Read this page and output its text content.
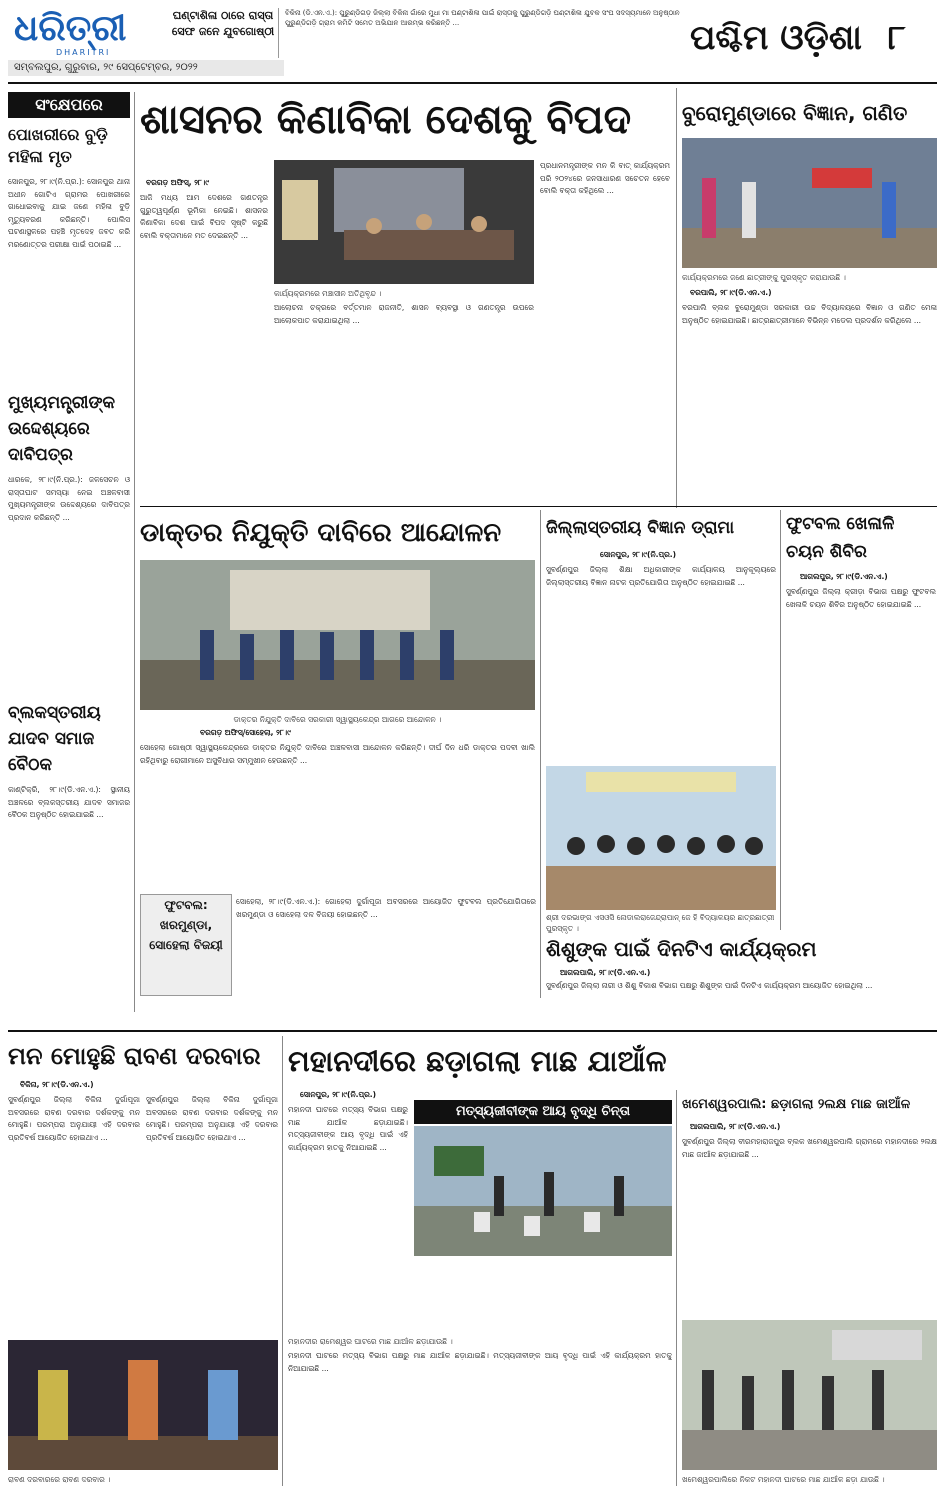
ଧରିତ୍ରୀ
DHARITRI
ଘଣ୍ଟାଶିଳା ଠାରେ ରାସ୍ତା ସେଫ ଜନେ ଯୁବଗୋଷ୍ଠୀ
ସମ୍ବଲପୁର, ଗୁରୁବାର, ୨୯ ସେପ୍ଟେମ୍ବର, ୨୦୨୨
ବିକିନା (ଡି.ଏନ.ଏ.): ପୁରୁଣ୍ଡିଗଡ଼ ଜିଲ୍ଲା ବିକିନା ଗାଁରେ ମୁଧା ମା ଘଣ୍ଟାଶିଳା ପାଇଁ ରାସ୍ତାକୁ ପୁରୁଣ୍ଡିଗଡ଼ି ଘଣ୍ଟାଶିଳା ଯୁବକ ସଂଘ ସଦସ୍ୟମାନେ ଅନୁଷ୍ଠାନ ପୁରୁଣ୍ଡିଗଡ଼ି ଗ୍ରାମ କମିଟି ସମେତ ଅଭିଯାନ ଆରମ୍ଭ କରିଛନ୍ତି ...	ପଶ୍ଚିମ ଓଡ଼ିଶା ୮
ସଂକ୍ଷେପରେ
ପୋଖରୀରେ ବୁଡ଼ି ମହିଳା ମୃତ
ସୋନପୁର, ୨୮।୯(ନି.ପ୍ର.): ସୋନପୁର ଥାନା ଅଧୀନ ଗୋଟିଏ ଗ୍ରାମର ପୋଖରୀରେ ଗାଧୋଇବାକୁ ଯାଇ ଜଣେ ମହିଳା ବୁଡ଼ି ମୃତ୍ୟୁବରଣ କରିଛନ୍ତି। ପୋଲିସ ଘଟଣାସ୍ଥଳରେ ପହଞ୍ଚି ମୃତଦେହ ଜବତ କରି ମରଣୋତ୍ତର ପରୀକ୍ଷା ପାଇଁ ପଠାଇଛି ...
ମୁଖ୍ୟମନ୍ତ୍ରୀଙ୍କ ଉଦ୍ଦେଶ୍ୟରେ ଦାବିପତ୍ର
ଧାରକେ, ୨୮।୯(ନି.ପ୍ର.): ଜଳସେଚନ ଓ ରାସ୍ତାଘାଟ ସମସ୍ୟା ନେଇ ଅଞ୍ଚଳବାସୀ ମୁଖ୍ୟମନ୍ତ୍ରୀଙ୍କ ଉଦ୍ଦେଶ୍ୟରେ ଦାବିପତ୍ର ପ୍ରଦାନ କରିଛନ୍ତି ...
ବ୍ଲକସ୍ତରୀୟ ଯାଦବ ସମାଜ ବୈଠକ
କାଣ୍ଟିକ୍ରି, ୨୮।୯(ଡି.ଏନ.ଏ.): ସ୍ଥାନୀୟ ଅଞ୍ଚଳରେ ବ୍ଲକସ୍ତରୀୟ ଯାଦବ ସମାଜର ବୈଠକ ଅନୁଷ୍ଠିତ ହୋଇଯାଇଛି ...
ଶାସନର କିଣାବିକା ଦେଶକୁ ବିପଦ
ବରଗଡ଼ ଅଫିସ୍, ୨୮।୯
ଆଜି ମଧ୍ୟ ଆମ ଦେଶରେ ଗଣତନ୍ତ୍ର ଗୁରୁତ୍ୱପୂର୍ଣ୍ଣ ଭୂମିକା ନେଇଛି। ଶାସନର କିଣାବିକା ଦେଶ ପାଇଁ ବିପଦ ସୃଷ୍ଟି କରୁଛି ବୋଲି ବକ୍ତାମାନେ ମତ ଦେଇଛନ୍ତି ...
କାର୍ଯ୍ୟକ୍ରମରେ ମଞ୍ଚାସୀନ ଅତିଥିବୃନ୍ଦ ।
ଆଲୋଚନା ଚକ୍ରରେ ବର୍ତ୍ତମାନ ରାଜନୀତି, ଶାସନ ବ୍ୟବସ୍ଥା ଓ ଗଣତନ୍ତ୍ର ଉପରେ ଆଲୋକପାତ କରାଯାଇଥିଲା ...
ପ୍ରଧାନମନ୍ତ୍ରୀଙ୍କ ମନ କି ବାତ୍ କାର୍ଯ୍ୟକ୍ରମ ପରି ୨୦୨୪ରେ ଜନସାଧାରଣ ସଚେତନ ହେବେ ବୋଲି ବକ୍ତା କହିଥିଲେ ...
ବୁରୋମୁଣ୍ଡାରେ ବିଜ୍ଞାନ, ଗଣିତ
କାର୍ଯ୍ୟକ୍ରମରେ ଜଣେ ଛାତ୍ରୀଙ୍କୁ ପୁରସ୍କୃତ କରାଯାଉଛି ।
ବରପାଲି, ୨୮।୯(ଡି.ଏନ.ଏ.)
ବରପାଲି ବ୍ଲକ ବୁରୋମୁଣ୍ଡା ସରକାରୀ ଉଚ୍ଚ ବିଦ୍ୟାଳୟରେ ବିଜ୍ଞାନ ଓ ଗଣିତ ମେଳା ଅନୁଷ୍ଠିତ ହୋଇଯାଇଛି। ଛାତ୍ରଛାତ୍ରୀମାନେ ବିଭିନ୍ନ ମଡେଲ ପ୍ରଦର୍ଶନ କରିଥିଲେ ...
ଡାକ୍ତର ନିଯୁକ୍ତି ଦାବିରେ ଆନ୍ଦୋଳନ
ଡାକ୍ତର ନିଯୁକ୍ତି ଦାବିରେ ସରକାରୀ ସ୍ୱାସ୍ଥ୍ୟକେନ୍ଦ୍ର ଆଗରେ ଆନ୍ଦୋଳନ ।
ବରଗଡ଼ ଅଫିସ୍/ସୋହେଲା, ୨୮।୯
ସୋହେଲା ଗୋଷ୍ଠୀ ସ୍ୱାସ୍ଥ୍ୟକେନ୍ଦ୍ରରେ ଡାକ୍ତର ନିଯୁକ୍ତି ଦାବିରେ ଅଞ୍ଚଳବାସୀ ଆନ୍ଦୋଳନ କରିଛନ୍ତି। ଦୀର୍ଘ ଦିନ ଧରି ଡାକ୍ତର ପଦବୀ ଖାଲି ରହିଥିବାରୁ ରୋଗୀମାନେ ଅସୁବିଧାର ସମ୍ମୁଖୀନ ହେଉଛନ୍ତି ...
ଫୁଟବଲ: ଖରମୁଣ୍ଡା, ସୋହେଲା ବିଜୟୀ
ସୋହେଲା, ୨୮।୯(ଡି.ଏନ.ଏ.): ଗୋହେଲା ଦୁର୍ଗାପୂଜା ଅବସରରେ ଆୟୋଜିତ ଫୁଟବଲ ପ୍ରତିଯୋଗିତାରେ ଖରମୁଣ୍ଡା ଓ ସୋହେଲା ଦଳ ବିଜୟୀ ହୋଇଛନ୍ତି ...
ଜିଲ୍ଲାସ୍ତରୀୟ ବିଜ୍ଞାନ ଡ୍ରାମା
ସୋନପୁର, ୨୮।୯(ନି.ପ୍ର.)
ସୁବର୍ଣ୍ଣପୁର ଜିଲ୍ଲା ଶିକ୍ଷା ଅଧିକାରୀଙ୍କ କାର୍ଯ୍ୟାଳୟ ଆନୁକୂଲ୍ୟରେ ଜିଲ୍ଲାସ୍ତରୀୟ ବିଜ୍ଞାନ ନାଟକ ପ୍ରତିଯୋଗିତା ଅନୁଷ୍ଠିତ ହୋଇଯାଇଛି ...
ଶ୍ରୀ ଦରଭାଙ୍ଗ ଏସଓସି ନୋଡାଲରାଜେନ୍ଦ୍ରାପାନ୍ ଜେ ହି ବିଦ୍ୟାଳୟର ଛାତ୍ରଛାତ୍ରୀ ପୁରସ୍କୃତ ।
ଫୁଟବଲ ଖେଳାଳି ଚୟନ ଶିବିର
ଆଗଲପୁର, ୨୮।୯(ଡି.ଏନ.ଏ.)
ସୁବର୍ଣ୍ଣପୁର ଜିଲ୍ଲା କ୍ରୀଡ଼ା ବିଭାଗ ପକ୍ଷରୁ ଫୁଟବଲ ଖେଳାଳି ଚୟନ ଶିବିର ଅନୁଷ୍ଠିତ ହୋଇଯାଇଛି ...
ଶିଶୁଙ୍କ ପାଇଁ ଦିନଟିଏ କାର୍ଯ୍ୟକ୍ରମ
ଆଗଲପାଲି, ୨୮।୯(ଡି.ଏନ.ଏ.)
ସୁବର୍ଣ୍ଣପୁର ଜିଲ୍ଲା ନାରୀ ଓ ଶିଶୁ ବିକାଶ ବିଭାଗ ପକ୍ଷରୁ ଶିଶୁଙ୍କ ପାଇଁ ଦିନଟିଏ କାର୍ଯ୍ୟକ୍ରମ ଆୟୋଜିତ ହୋଇଥିଲା ...
ମନ ମୋହୁଛି ରାବଣ ଦରବାର
ବିକିନା, ୨୮।୯(ଡି.ଏନ.ଏ.)
ସୁବର୍ଣ୍ଣପୁର ଜିଲ୍ଲା ବିକିନା ଦୁର୍ଗାପୂଜା ଅବସରରେ ରାବଣ ଦରବାର ଦର୍ଶକଙ୍କୁ ମନ ମୋହୁଛି। ପରମ୍ପରା ଅନୁଯାୟୀ ଏହି ଦରବାର ପ୍ରତିବର୍ଷ ଆୟୋଜିତ ହୋଇଥାଏ ...
ସୁବର୍ଣ୍ଣପୁର ଜିଲ୍ଲା ବିକିନା ଦୁର୍ଗାପୂଜା ଅବସରରେ ରାବଣ ଦରବାର ଦର୍ଶକଙ୍କୁ ମନ ମୋହୁଛି। ପରମ୍ପରା ଅନୁଯାୟୀ ଏହି ଦରବାର ପ୍ରତିବର୍ଷ ଆୟୋଜିତ ହୋଇଥାଏ ...
ରାବଣ ଦରବାରରେ ରାବଣ ଦରବାର ।
ମହାନଦୀରେ ଛଡ଼ାଗଲା ମାଛ ଯାଆଁଳ
ସୋନପୁର, ୨୮।୯(ନି.ପ୍ର.)
ମହାନଦୀ ଘାଟରେ ମତ୍ସ୍ୟ ବିଭାଗ ପକ୍ଷରୁ ମାଛ ଯାଆଁଳ ଛଡ଼ାଯାଇଛି। ମତ୍ସ୍ୟଜୀବୀଙ୍କ ଆୟ ବୃଦ୍ଧି ପାଇଁ ଏହି କାର୍ଯ୍ୟକ୍ରମ ହାତକୁ ନିଆଯାଇଛି ...
ମତ୍ସ୍ୟଜୀବୀଙ୍କ ଆୟ ବୃଦ୍ଧି ଚିନ୍ତା
ମହାନଦୀର ରାମେଶ୍ୱର ଘାଟରେ ମାଛ ଯାଆଁଳ ଛଡ଼ାଯାଉଛି ।
ମହାନଦୀ ଘାଟରେ ମତ୍ସ୍ୟ ବିଭାଗ ପକ୍ଷରୁ ମାଛ ଯାଆଁଳ ଛଡ଼ାଯାଇଛି। ମତ୍ସ୍ୟଜୀବୀଙ୍କ ଆୟ ବୃଦ୍ଧି ପାଇଁ ଏହି କାର୍ଯ୍ୟକ୍ରମ ହାତକୁ ନିଆଯାଇଛି ...
ଖମେଶ୍ୱରପାଲି: ଛଡ଼ାଗଲା ୨ଲକ୍ଷ ମାଛ ଜାଆଁଳ
ଆଗଲପାଲି, ୨୮।୯(ଡି.ଏନ.ଏ.)
ସୁବର୍ଣ୍ଣପୁର ଜିଲ୍ଲା ବୀରମହାରାଜପୁର ବ୍ଲକ ଖମେଶ୍ୱରପାଲି ଗ୍ରାମରେ ମହାନଦୀରେ ୨ଲକ୍ଷ ମାଛ ଜାଆଁଳ ଛଡ଼ାଯାଇଛି ...
ଖମେଶ୍ୱରପାଲିରେ ନିକଟ ମହାନଦୀ ଘାଟରେ ମାଛ ଯାଆଁଳ ଛଡ଼ା ଯାଉଛି ।
